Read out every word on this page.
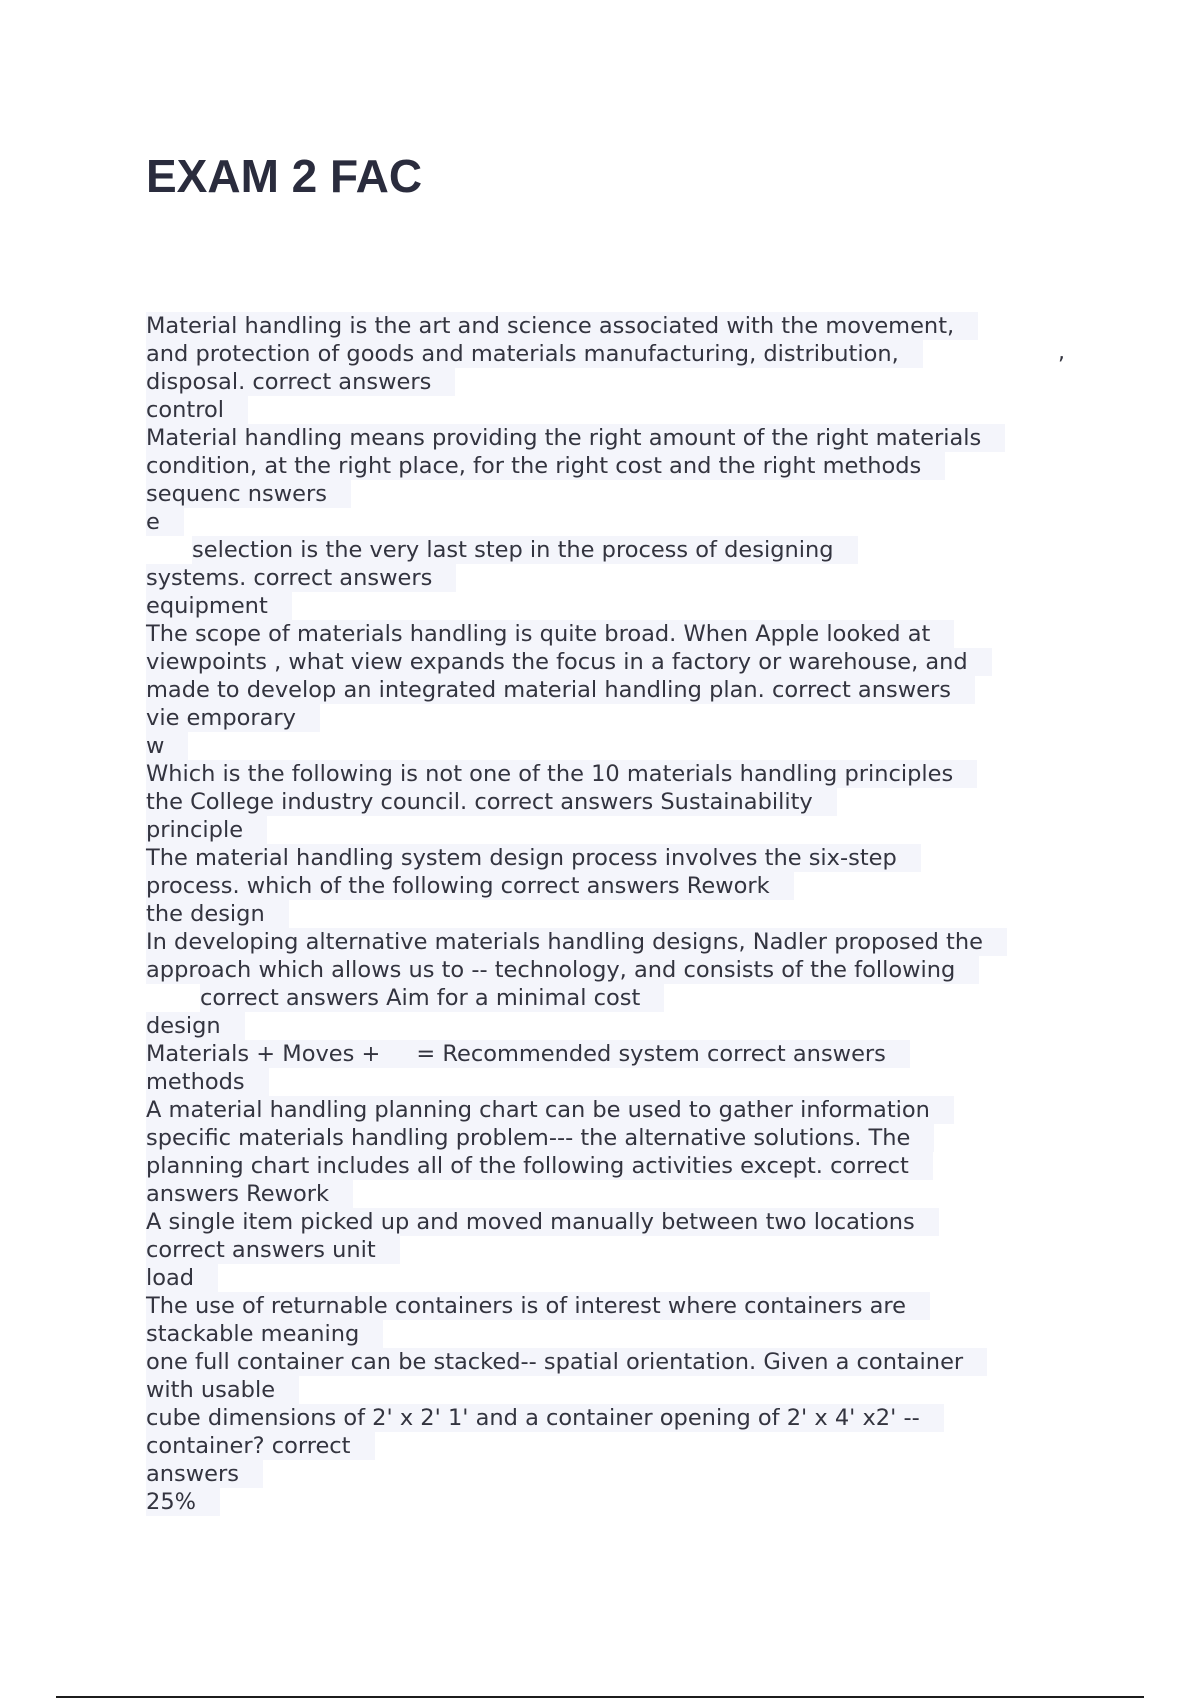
EXAM 2 FAC
,
Material handling is the art and science associated with the movement,
and protection of goods and materials manufacturing, distribution,
disposal. correct answers
control
Material handling means providing the right amount of the right materials
condition, at the right place, for the right cost and the right methods
sequenc nswers
e
selection is the very last step in the process of designing
systems. correct answers
equipment
The scope of materials handling is quite broad. When Apple looked at
viewpoints , what view expands the focus in a factory or warehouse, and
made to develop an integrated material handling plan. correct answers
vie emporary
w
Which is the following is not one of the 10 materials handling principles
the College industry council. correct answers Sustainability
principle
The material handling system design process involves the six-step
process. which of the following correct answers Rework
the design
In developing alternative materials handling designs, Nadler proposed the
approach which allows us to -- technology, and consists of the following
correct answers Aim for a minimal cost
design
Materials + Moves + = Recommended system correct answers
methods
A material handling planning chart can be used to gather information
specific materials handling problem--- the alternative solutions. The
planning chart includes all of the following activities except. correct
answers Rework
A single item picked up and moved manually between two locations
correct answers unit
load
The use of returnable containers is of interest where containers are
stackable meaning
one full container can be stacked-- spatial orientation. Given a container
with usable
cube dimensions of 2' x 2' 1' and a container opening of 2' x 4' x2' --
container? correct
answers
25%
